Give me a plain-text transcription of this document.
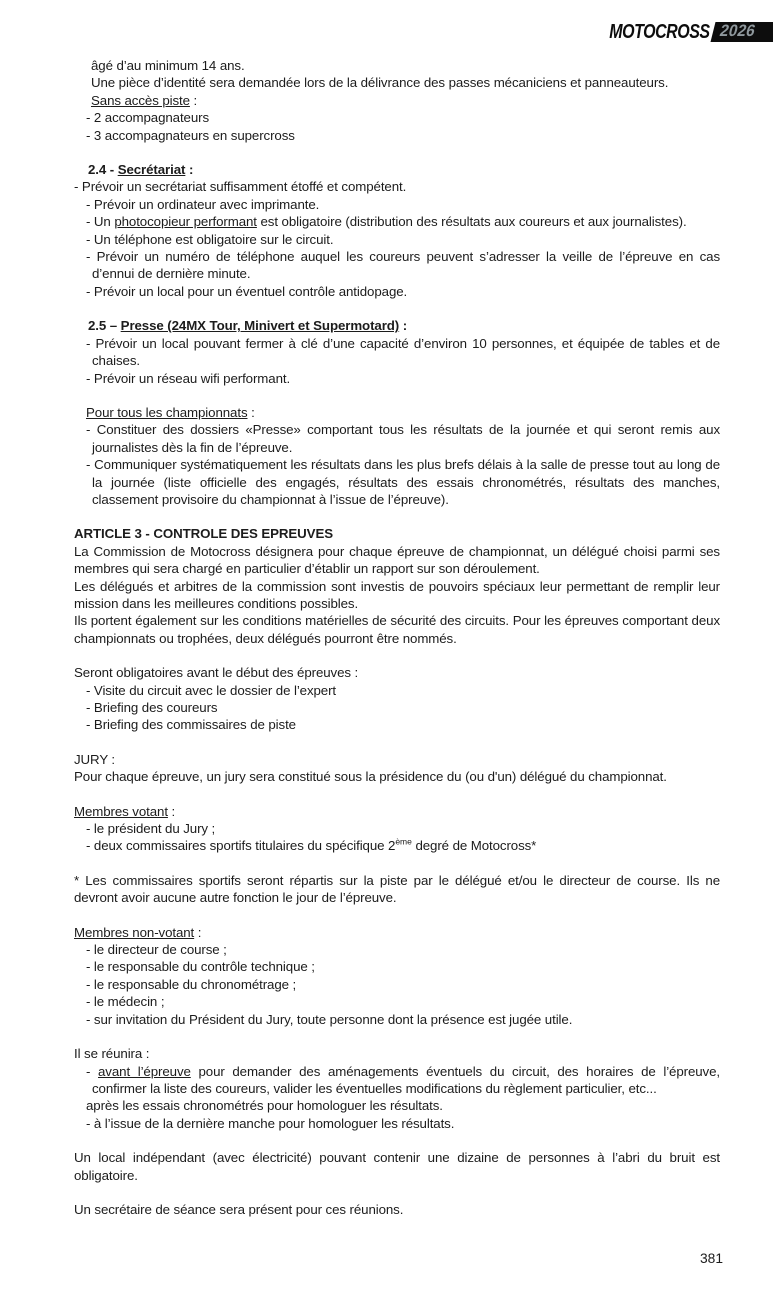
MOTOCROSS 2026
âgé d’au minimum 14 ans.
Une pièce d’identité sera demandée lors de la délivrance des passes mécaniciens et panneauteurs.
Sans accès piste :
- 2 accompagnateurs
- 3 accompagnateurs en supercross
2.4 - Secrétariat :
- Prévoir un secrétariat suffisamment étoffé et compétent.
- Prévoir un ordinateur avec imprimante.
- Un photocopieur performant est obligatoire (distribution des résultats aux coureurs et aux journalistes).
- Un téléphone est obligatoire sur le circuit.
- Prévoir un numéro de téléphone auquel les coureurs peuvent s’adresser la veille de l’épreuve en cas d’ennui de dernière minute.
- Prévoir un local pour un éventuel contrôle antidopage.
2.5 – Presse (24MX Tour, Minivert et Supermotard) :
- Prévoir un local pouvant fermer à clé d’une capacité d’environ 10 personnes, et équipée de tables et de chaises.
- Prévoir un réseau wifi performant.
Pour tous les championnats :
- Constituer des dossiers «Presse» comportant tous les résultats de la journée et qui seront remis aux journalistes dès la fin de l’épreuve.
- Communiquer systématiquement les résultats dans les plus brefs délais à la salle de presse tout au long de la journée (liste officielle des engagés, résultats des essais chronométrés, résultats des manches, classement provisoire du championnat à l’issue de l’épreuve).
ARTICLE 3 - CONTROLE DES EPREUVES
La Commission de Motocross désignera pour chaque épreuve de championnat, un délégué choisi parmi ses membres qui sera chargé en particulier d’établir un rapport sur son déroulement.
Les délégués et arbitres de la commission sont investis de pouvoirs spéciaux leur permettant de remplir leur mission dans les meilleures conditions possibles.
Ils portent également sur les conditions matérielles de sécurité des circuits. Pour les épreuves comportant deux championnats ou trophées, deux délégués pourront être nommés.
Seront obligatoires avant le début des épreuves :
- Visite du circuit avec le dossier de l’expert
- Briefing des coureurs
- Briefing des commissaires de piste
JURY :
Pour chaque épreuve, un jury sera constitué sous la présidence du (ou d'un) délégué du championnat.
Membres votant :
- le président du Jury ;
- deux commissaires sportifs titulaires du spécifique 2ème degré de Motocross*
* Les commissaires sportifs seront répartis sur la piste par le délégué et/ou le directeur de course. Ils ne devront avoir aucune autre fonction le jour de l’épreuve.
Membres non-votant :
- le directeur de course ;
- le responsable du contrôle technique ;
- le responsable du chronométrage ;
- le médecin ;
- sur invitation du Président du Jury, toute personne dont la présence est jugée utile.
Il se réunira :
- avant l’épreuve pour demander des aménagements éventuels du circuit, des horaires de l’épreuve, confirmer la liste des coureurs, valider les éventuelles modifications du règlement particulier, etc...
après les essais chronométrés pour homologuer les résultats.
- à l’issue de la dernière manche pour homologuer les résultats.
Un local indépendant (avec électricité) pouvant contenir une dizaine de personnes à l’abri du bruit est obligatoire.
Un secrétaire de séance sera présent pour ces réunions.
381
